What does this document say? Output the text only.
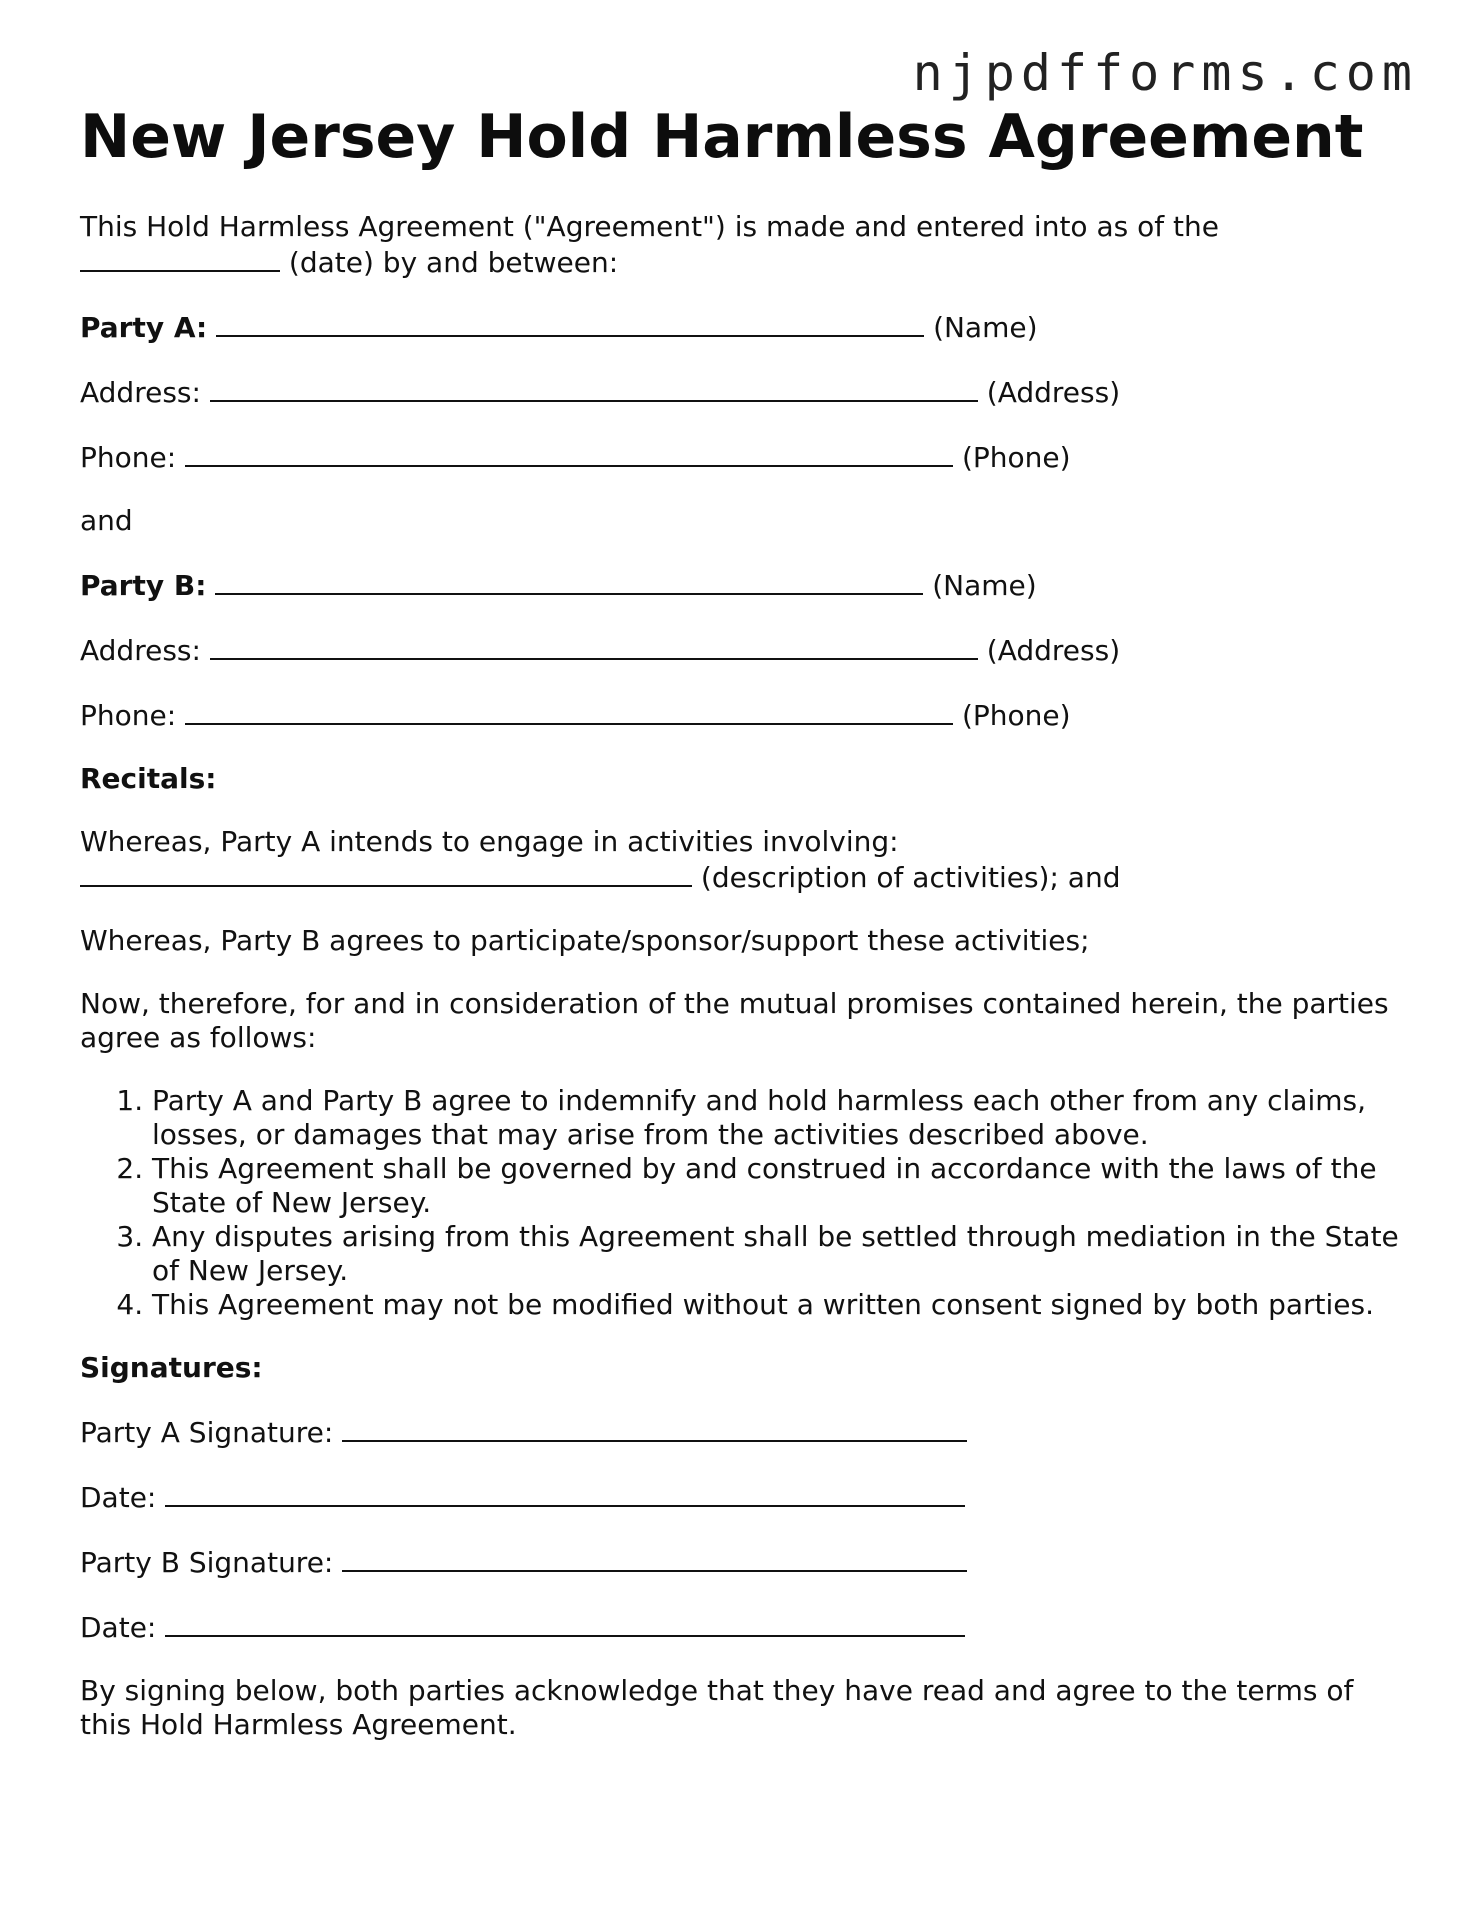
njpdfforms.com
New Jersey Hold Harmless Agreement

This Hold Harmless Agreement ("Agreement") is made and entered into as of the
(date) by and between:

Party A:	(Name)

Address:	(Address)

Phone:	(Phone)

and

Party B:	(Name)

Address:	(Address)

Phone:	(Phone)

Recitals:

Whereas, Party A intends to engage in activities involving:
(description of activities); and

Whereas, Party B agrees to participate/sponsor/support these activities;

Now, therefore, for and in consideration of the mutual promises contained herein, the parties agree as follows:

1. Party A and Party B agree to indemnify and hold harmless each other from any claims, losses, or damages that may arise from the activities described above.
2. This Agreement shall be governed by and construed in accordance with the laws of the State of New Jersey.
3. Any disputes arising from this Agreement shall be settled through mediation in the State of New Jersey.
4. This Agreement may not be modified without a written consent signed by both parties.

Signatures:

Party A Signature:

Date:

Party B Signature:

Date:

By signing below, both parties acknowledge that they have read and agree to the terms of this Hold Harmless Agreement.
